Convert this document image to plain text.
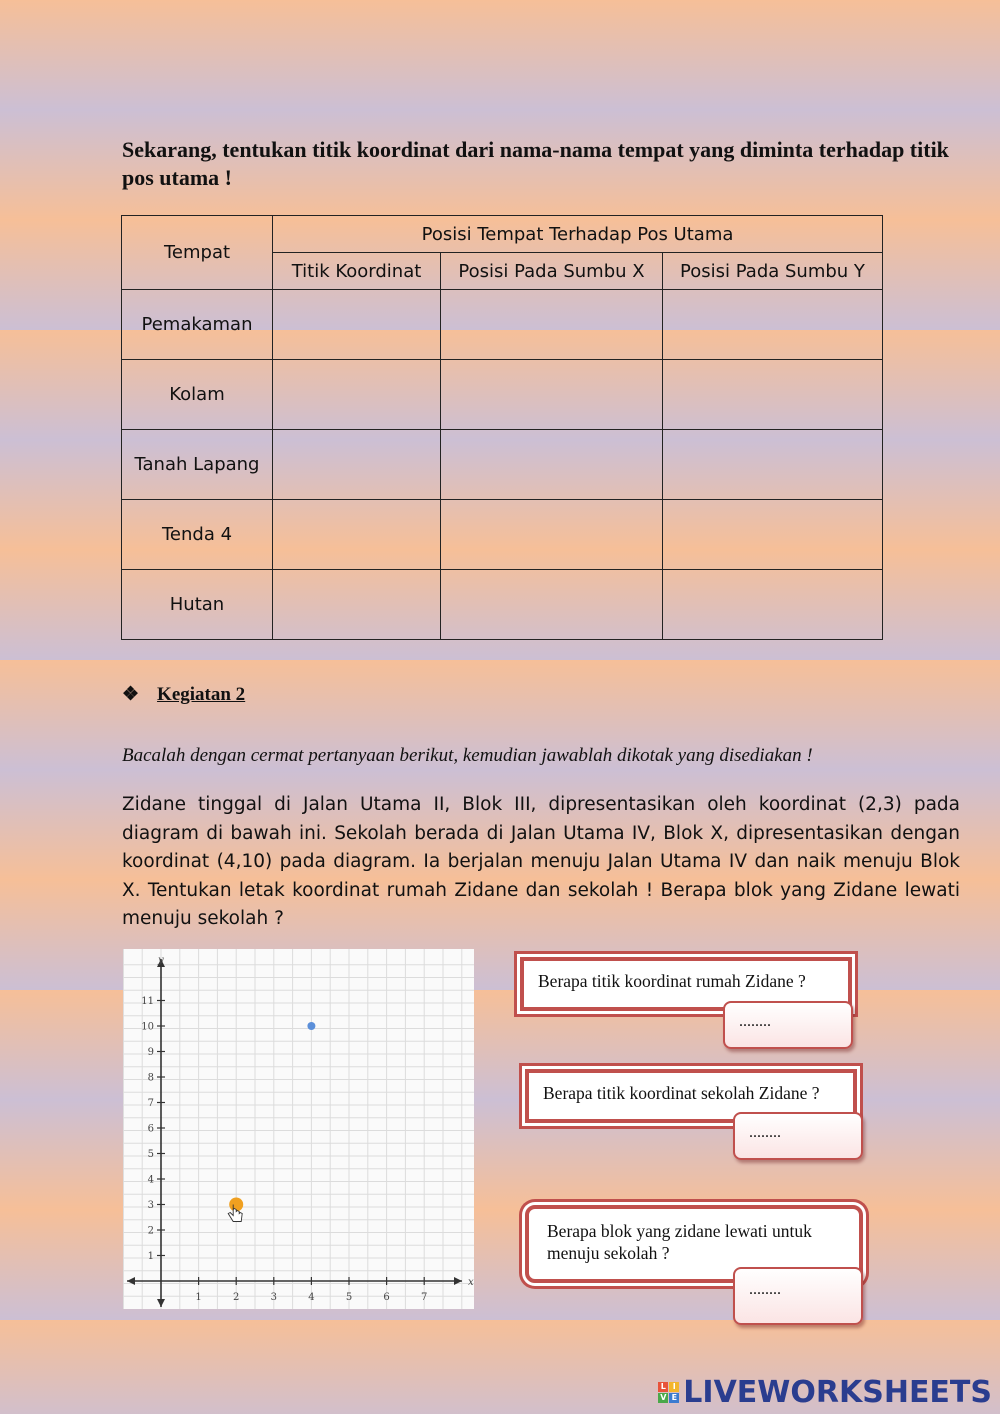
Sekarang, tentukan titik koordinat dari nama-nama tempat yang diminta terhadap titik pos utama !
Tempat	Posisi Tempat Terhadap Pos Utama		
	Titik Koordinat	Posisi Pada Sumbu X	Posisi Pada Sumbu Y
Pemakaman			
Kolam			
Tanah Lapang			
Tenda 4			
Hutan			
❖ Kegiatan 2
Bacalah dengan cermat pertanyaan berikut, kemudian jawablah dikotak yang disediakan !
Zidane tinggal di Jalan Utama II, Blok III, dipresentasikan oleh koordinat (2,3) pada diagram di bawah ini. Sekolah berada di Jalan Utama IV, Blok X, dipresentasikan dengan koordinat (4,10) pada diagram. Ia berjalan menuju Jalan Utama IV dan naik menuju Blok X. Tentukan letak koordinat rumah Zidane dan sekolah ! Berapa blok yang Zidane lewati menuju sekolah ?
x
y
1	2	3	4	5	6	7
1
2
3
4
5
6
7
8
9
10
11
Berapa titik koordinat rumah Zidane ?
........
Berapa titik koordinat sekolah Zidane ?
........
Berapa blok yang zidane lewati untuk menuju sekolah ?
........
L I
V E LIVEWORKSHEETS
